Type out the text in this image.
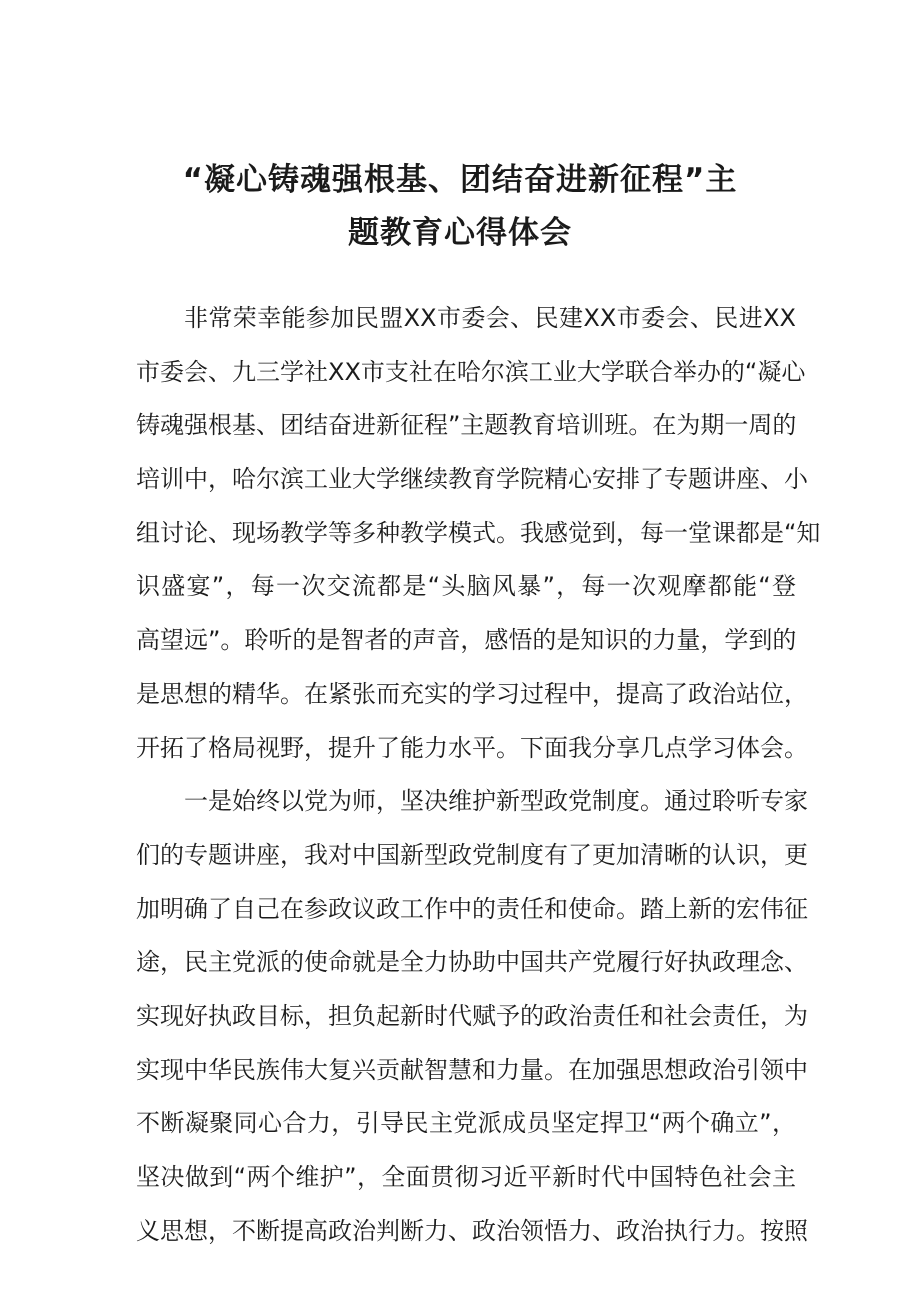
“凝心铸魂强根基、团结奋进新征程”主
题教育心得体会
非常荣幸能参加民盟XX市委会、民建XX市委会、民进XX
市委会、九三学社XX市支社在哈尔滨工业大学联合举办的“凝心
铸魂强根基、团结奋进新征程”主题教育培训班。在为期一周的
培训中，哈尔滨工业大学继续教育学院精心安排了专题讲座、小
组讨论、现场教学等多种教学模式。我感觉到，每一堂课都是“知
识盛宴”，每一次交流都是“头脑风暴”，每一次观摩都能“登
高望远”。聆听的是智者的声音，感悟的是知识的力量，学到的
是思想的精华。在紧张而充实的学习过程中，提高了政治站位，
开拓了格局视野，提升了能力水平。下面我分享几点学习体会。
一是始终以党为师，坚决维护新型政党制度。通过聆听专家
们的专题讲座，我对中国新型政党制度有了更加清晰的认识，更
加明确了自己在参政议政工作中的责任和使命。踏上新的宏伟征
途，民主党派的使命就是全力协助中国共产党履行好执政理念、
实现好执政目标，担负起新时代赋予的政治责任和社会责任，为
实现中华民族伟大复兴贡献智慧和力量。在加强思想政治引领中
不断凝聚同心合力，引导民主党派成员坚定捍卫“两个确立”，
坚决做到“两个维护”，全面贯彻习近平新时代中国特色社会主
义思想，不断提高政治判断力、政治领悟力、政治执行力。按照
